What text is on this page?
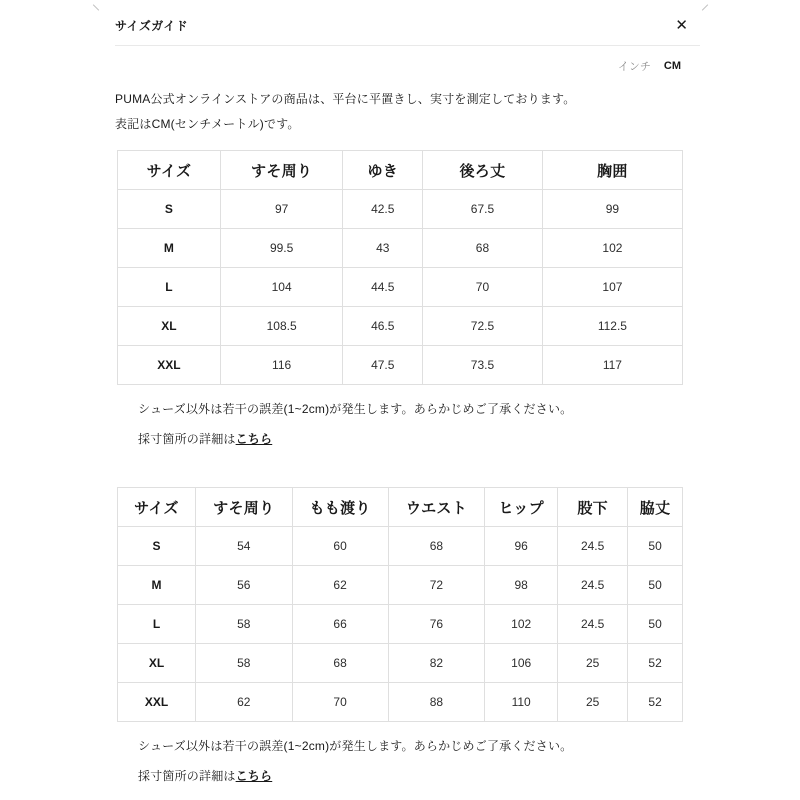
サイズガイド	✕
インチ CM
PUMA公式オンラインストアの商品は、平台に平置きし、実寸を測定しております。
表記はCM(センチメートル)です。
サイズ	すそ周り	ゆき	後ろ丈	胸囲
S	97	42.5	67.5	99
M	99.5	43	68	102
L	104	44.5	70	107
XL	108.5	46.5	72.5	112.5
XXL	116	47.5	73.5	117
シューズ以外は若干の誤差(1~2cm)が発生します。あらかじめご了承ください。
採寸箇所の詳細はこちら
サイズ	すそ周り	もも渡り	ウエスト	ヒップ	股下	脇丈
S	54	60	68	96	24.5	50
M	56	62	72	98	24.5	50
L	58	66	76	102	24.5	50
XL	58	68	82	106	25	52
XXL	62	70	88	110	25	52
シューズ以外は若干の誤差(1~2cm)が発生します。あらかじめご了承ください。
採寸箇所の詳細はこちら
